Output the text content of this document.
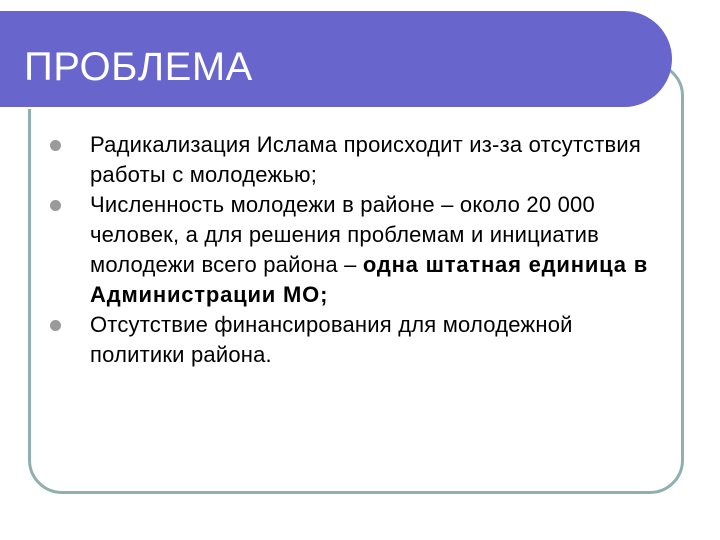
ПРОБЛЕМА
Радикализация Ислама происходит из-за отсутствия работы с молодежью;
Численность молодежи в районе – около 20 000 человек, а для решения проблемам и инициатив молодежи всего района – одна штатная единица в Администрации МО;
Отсутствие финансирования для молодежной политики района.
